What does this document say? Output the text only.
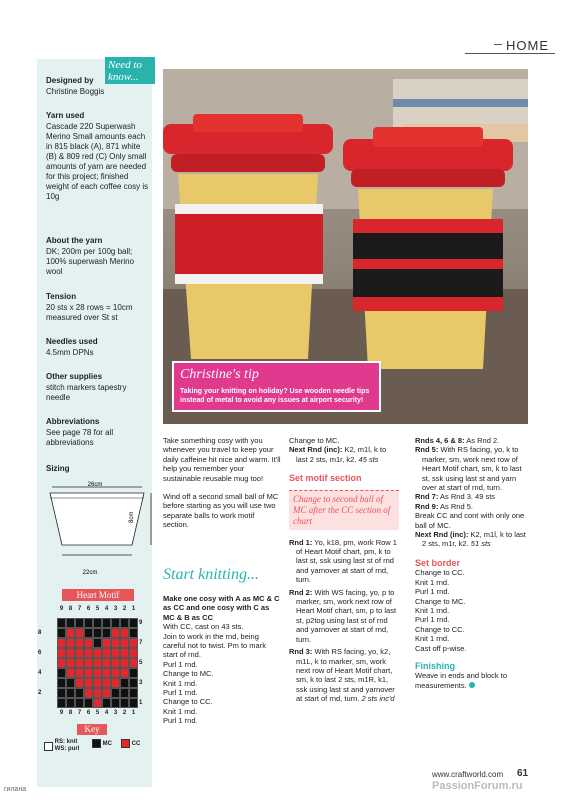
HOME
Need to know...
Designed by
Christine Boggis
Yarn used
Cascade 220 Superwash Merino Small amounts each in 815 black (A), 871 white (B) & 809 red (C) Only small amounts of yarn are needed for this project; finished weight of each coffee cosy is 10g
About the yarn
DK; 200m per 100g ball; 100% superwash Merino wool
Tension
20 sts x 28 rows = 10cm measured over St st
Needles used
4.5mm DPNs
Other supplies
stitch markers tapestry needle
Abbreviations
See page 78 for all abbreviations
Sizing
26cm
8cm
22cm
Heart Motif
9 8 7 6 5 4 3 2 1
8
6
4
2
9
7
5
3
1
9 8 7 6 5 4 3 2 1
Key
RS: knit
WS: purl
MC	CC
Christine's tip
Taking your knitting on holiday? Use wooden needle tips instead of metal to avoid any issues at airport security!

Take something cosy with you whenever you travel to keep your daily caffeine hit nice and warm. It'll help you remember your sustainable reusable mug too!

Wind off a second small ball of MC before starting as you will use two separate balls to work motif section.

Start knitting...
Make one cosy with A as MC & C as CC and one cosy with C as MC & B as CC
With CC, cast on 43 sts.
Join to work in the rnd, being careful not to twist. Pm to mark start of rnd.
Purl 1 rnd.
Change to MC.
Knit 1 rnd.
Purl 1 rnd.
Change to CC.
Knit 1 rnd.
Purl 1 rnd.
Change to MC.
Next Rnd (inc): K2, m1l, k to last 2 sts, m1r, k2. 45 sts
Set motif section
Change to second ball of MC after the CC section of chart
Rnd 1: Yo, k18, pm, work Row 1 of Heart Motif chart, pm, k to last st, ssk using last st of rnd and yarnover at start of rnd, turn.
Rnd 2: With WS facing, yo, p to marker, sm, work next row of Heart Motif chart, sm, p to last st, p2tog using last st of rnd and yarnover at start of rnd, turn.
Rnd 3: With RS facing, yo, k2, m1L, k to marker, sm, work next row of Heart Motif chart, sm, k to last 2 sts, m1R, k1, ssk using last st and yarnover at start of rnd, turn. 2 sts inc'd
Rnds 4, 6 & 8: As Rnd 2.
Rnd 5: With RS facing, yo, k to marker, sm, work next row of Heart Motif chart, sm, k to last st, ssk using last st and yarn over at start of rnd, turn.
Rnd 7: As Rnd 3. 49 sts
Rnd 9: As Rnd 5.
Break CC and cont with only one ball of MC.
Next Rnd (inc): K2, m1l, k to last 2 sts, m1r, k2. 51 sts
Set border
Change to CC.
Knit 1 rnd.
Purl 1 rnd.
Change to MC.
Knit 1 rnd.
Purl 1 rnd.
Change to CC.
Knit 1 rnd.
Cast off p-wise.
Finishing
Weave in ends and block to measurements.
www.craftworld.com 61
гилана	PassionForum.ru
